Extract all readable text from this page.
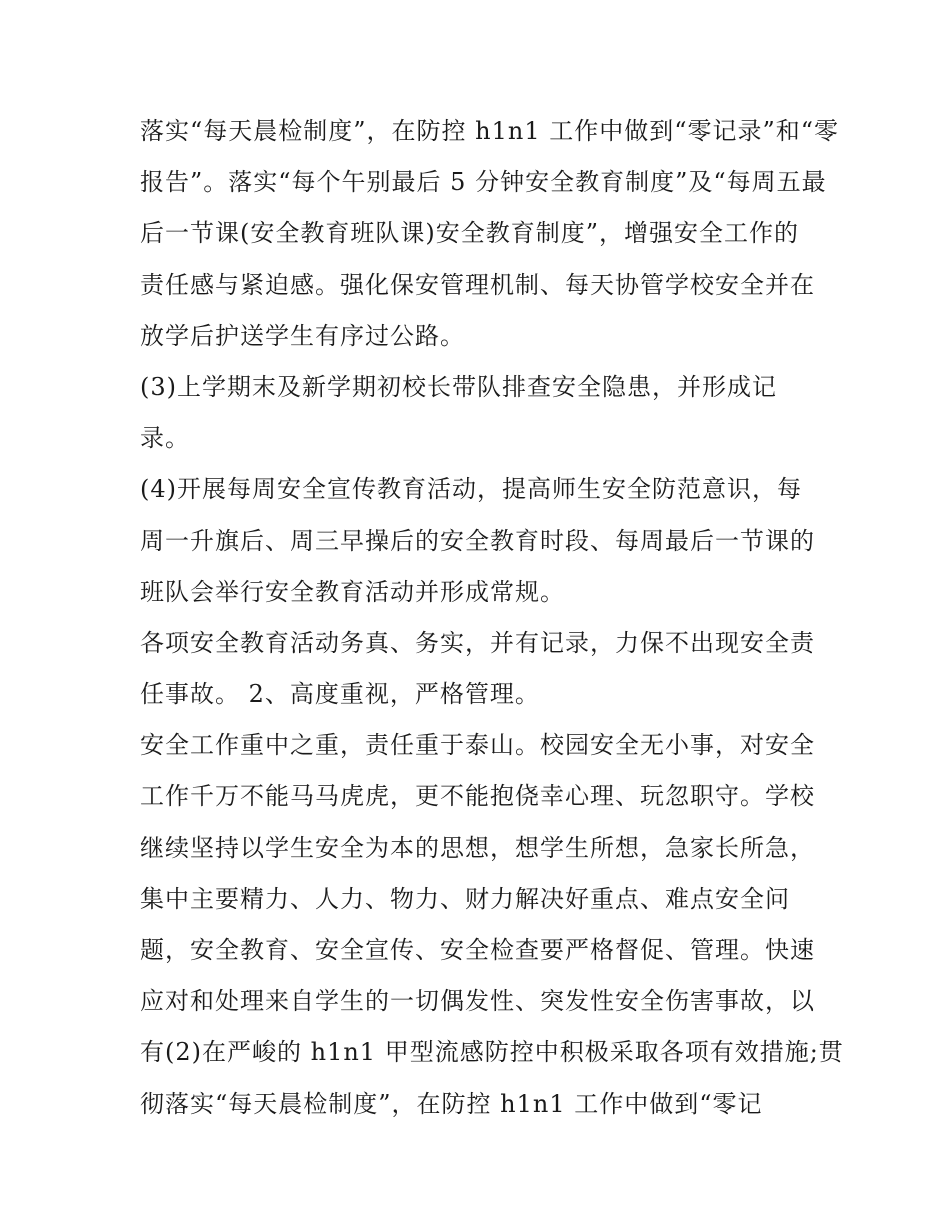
落实“每天晨检制度”，在防控 h1n1 工作中做到“零记录”和“零
报告”。落实“每个午别最后 5 分钟安全教育制度”及“每周五最
后一节课(安全教育班队课)安全教育制度”，增强安全工作的
责任感与紧迫感。强化保安管理机制、每天协管学校安全并在
放学后护送学生有序过公路。
(3)上学期末及新学期初校长带队排查安全隐患，并形成记
录。
(4)开展每周安全宣传教育活动，提高师生安全防范意识，每
周一升旗后、周三早操后的安全教育时段、每周最后一节课的
班队会举行安全教育活动并形成常规。
各项安全教育活动务真、务实，并有记录，力保不出现安全责
任事故。 2、高度重视，严格管理。
安全工作重中之重，责任重于泰山。校园安全无小事，对安全
工作千万不能马马虎虎，更不能抱侥幸心理、玩忽职守。学校
继续坚持以学生安全为本的思想，想学生所想，急家长所急，
集中主要精力、人力、物力、财力解决好重点、难点安全问
题，安全教育、安全宣传、安全检查要严格督促、管理。快速
应对和处理来自学生的一切偶发性、突发性安全伤害事故，以
有(2)在严峻的 h1n1 甲型流感防控中积极采取各项有效措施;贯
彻落实“每天晨检制度”，在防控 h1n1 工作中做到“零记
